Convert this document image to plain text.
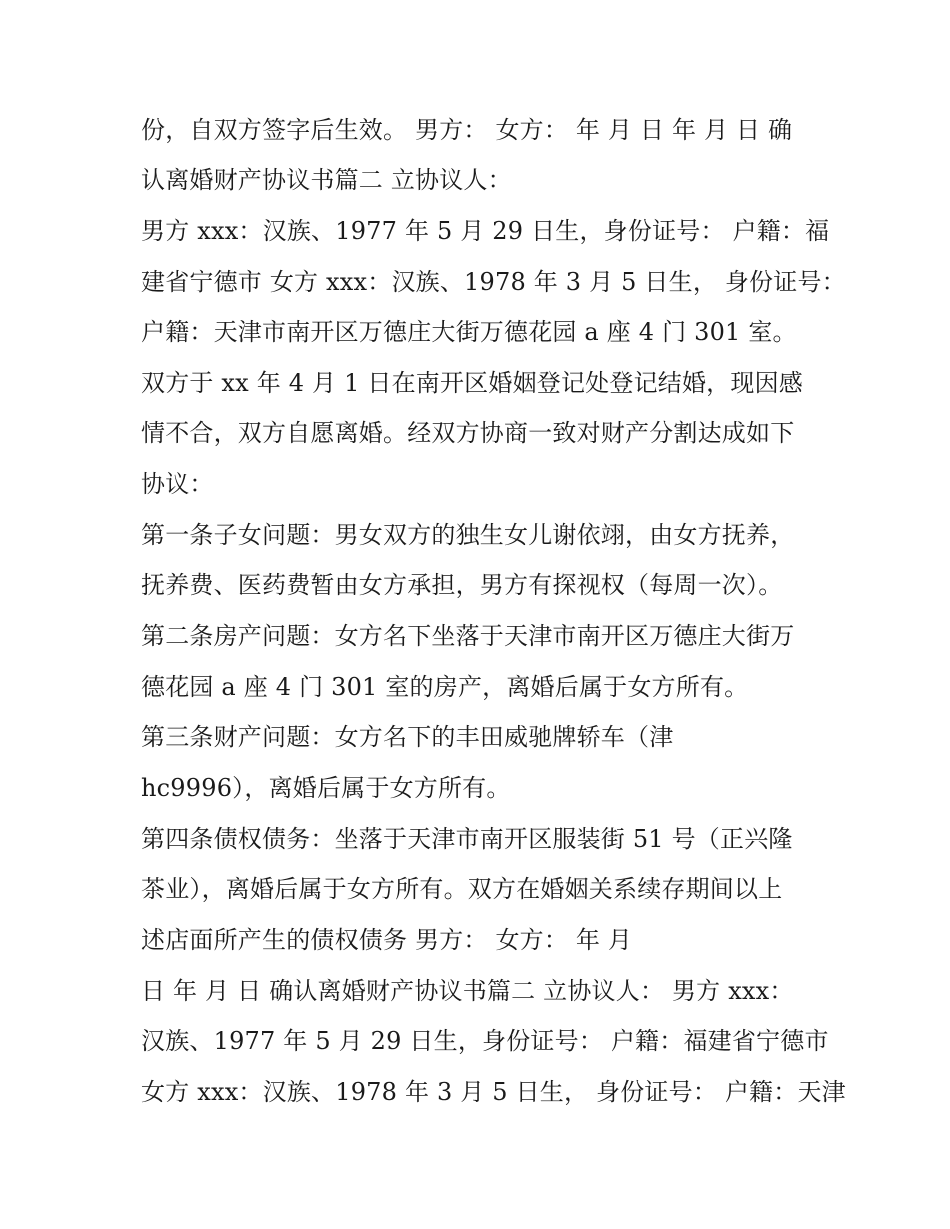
份，自双方签字后生效。 男方： 女方： 年 月 日 年 月 日 确
认离婚财产协议书篇二 立协议人：
男方 xxx：汉族、1977 年 5 月 29 日生，身份证号： 户籍：福
建省宁德市 女方 xxx：汉族、1978 年 3 月 5 日生， 身份证号：
户籍：天津市南开区万德庄大街万德花园 a 座 4 门 301 室。
双方于 xx 年 4 月 1 日在南开区婚姻登记处登记结婚，现因感
情不合，双方自愿离婚。经双方协商一致对财产分割达成如下
协议：
第一条子女问题：男女双方的独生女儿谢依翊，由女方抚养，
抚养费、医药费暂由女方承担，男方有探视权（每周一次）。
第二条房产问题：女方名下坐落于天津市南开区万德庄大街万
德花园 a 座 4 门 301 室的房产，离婚后属于女方所有。
第三条财产问题：女方名下的丰田威驰牌轿车（津
hc9996），离婚后属于女方所有。
第四条债权债务：坐落于天津市南开区服装街 51 号（正兴隆
茶业），离婚后属于女方所有。双方在婚姻关系续存期间以上
述店面所产生的债权债务 男方： 女方： 年 月
日 年 月 日 确认离婚财产协议书篇二 立协议人： 男方 xxx：
汉族、1977 年 5 月 29 日生，身份证号： 户籍：福建省宁德市
女方 xxx：汉族、1978 年 3 月 5 日生， 身份证号： 户籍：天津
